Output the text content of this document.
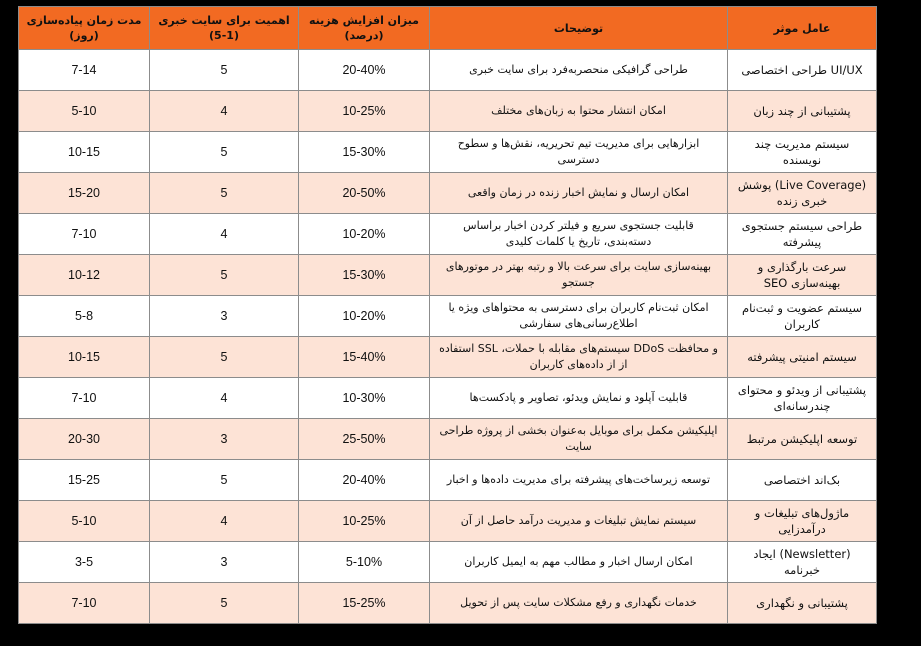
عامل موثر	توضیحات	میزان افزایش هزینه (درصد)	اهمیت برای سایت خبری (1-5)	مدت زمان پیاده‌سازی (روز)
UI/UX طراحی اختصاصی	طراحی گرافیکی منحصربه‌فرد برای سایت خبری	20-40%	5	7-14
پشتیبانی از چند زبان	امکان انتشار محتوا به زبان‌های مختلف	10-25%	4	5-10
سیستم مدیریت چند نویسنده	ابزارهایی برای مدیریت تیم تحریریه، نقش‌ها و سطوح دسترسی	15-30%	5	10-15
(Live Coverage) پوشش خبری زنده	امکان ارسال و نمایش اخبار زنده در زمان واقعی	20-50%	5	15-20
طراحی سیستم جستجوی پیشرفته	قابلیت جستجوی سریع و فیلتر کردن اخبار براساس دسته‌بندی، تاریخ یا کلمات کلیدی	10-20%	4	7-10
سرعت بارگذاری و بهینه‌سازی SEO	بهینه‌سازی سایت برای سرعت بالا و رتبه بهتر در موتورهای جستجو	15-30%	5	10-12
سیستم عضویت و ثبت‌نام کاربران	امکان ثبت‌نام کاربران برای دسترسی به محتواهای ویژه یا اطلاع‌رسانی‌های سفارشی	10-20%	3	5-8
سیستم امنیتی پیشرفته	و محافظت DDoS سیستم‌های مقابله با حملات، SSL استفاده از از داده‌های کاربران	15-40%	5	10-15
پشتیبانی از ویدئو و محتوای چندرسانه‌ای	قابلیت آپلود و نمایش ویدئو، تصاویر و پادکست‌ها	10-30%	4	7-10
توسعه اپلیکیشن مرتبط	اپلیکیشن مکمل برای موبایل به‌عنوان بخشی از پروژه طراحی سایت	25-50%	3	20-30
بک‌اند اختصاصی	توسعه زیرساخت‌های پیشرفته برای مدیریت داده‌ها و اخبار	20-40%	5	15-25
ماژول‌های تبلیغات و درآمدزایی	سیستم نمایش تبلیغات و مدیریت درآمد حاصل از آن	10-25%	4	5-10
(Newsletter) ایجاد خبرنامه	امکان ارسال اخبار و مطالب مهم به ایمیل کاربران	5-10%	3	3-5
پشتیبانی و نگهداری	خدمات نگهداری و رفع مشکلات سایت پس از تحویل	15-25%	5	7-10
